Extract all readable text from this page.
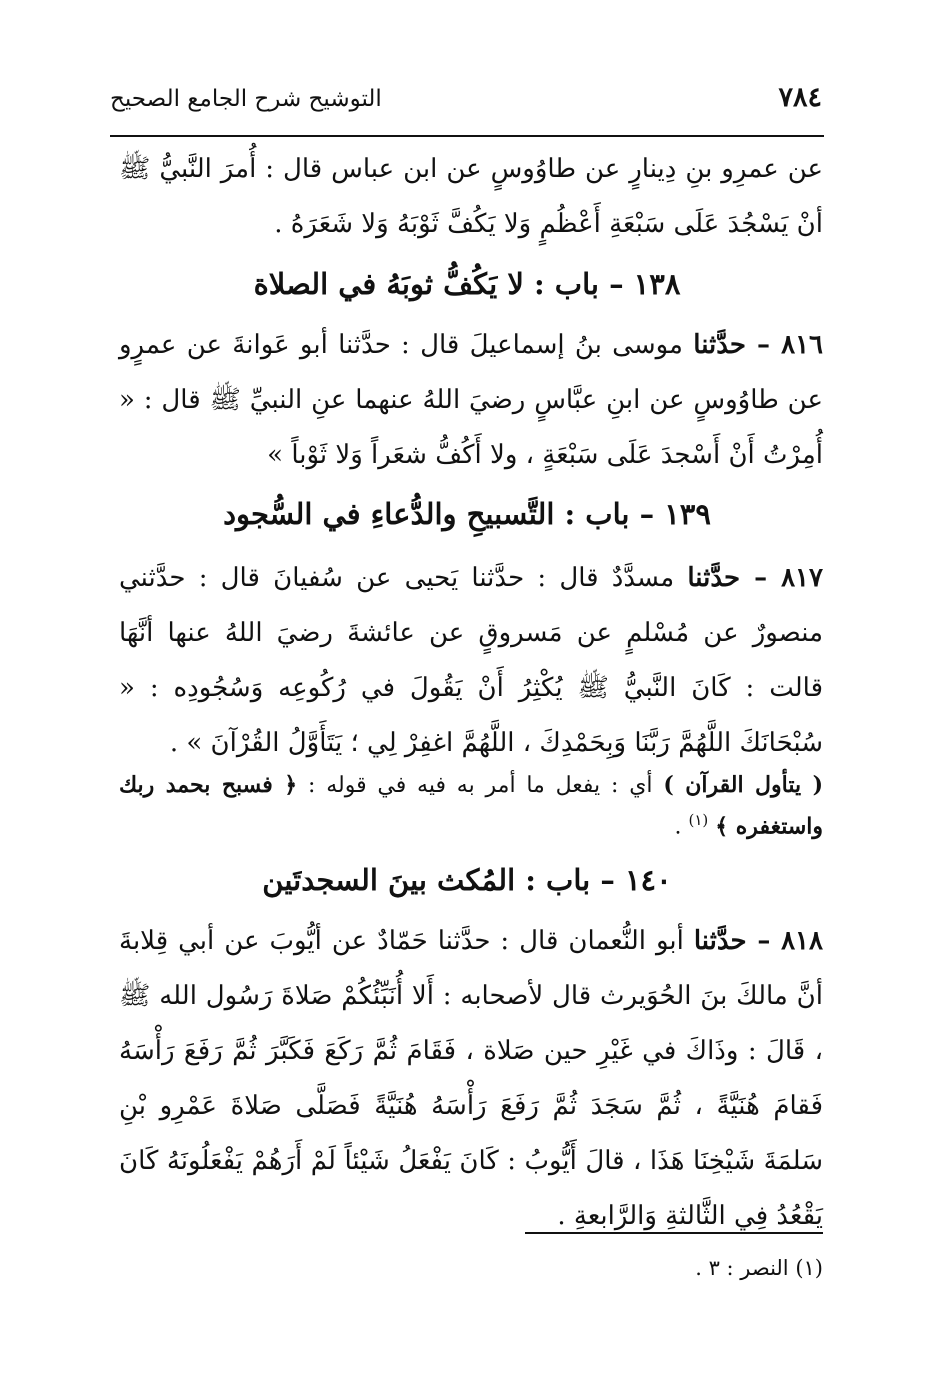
٧٨٤
التوشيح شرح الجامع الصحيح
عن عمرِو بنِ دِينارٍ عن طاوُوسٍ عن ابن عباس قال : أُمرَ النَّبيُّ ﷺ أنْ يَسْجُدَ عَلَى سَبْعَةِ أَعْظُمٍ وَلا يَكُفَّ ثَوْبَهُ وَلا شَعَرَهُ .
١٣٨ – باب : لا يَكُفُّ ثوبَهُ في الصلاة
٨١٦ – حدَّثنا موسى بنُ إسماعيلَ قال : حدَّثنا أبو عَوانةَ عن عمرٍو عن طاوُوسٍ عن ابنِ عبَّاسٍ رضيَ اللهُ عنهما عنِ النبيِّ ﷺ قال : « أُمِرْتُ أَنْ أَسْجدَ عَلَى سَبْعَةٍ ، ولا أَكُفُّ شعَراً وَلا ثَوْباً »
١٣٩ – باب : التَّسبيحِ والدُّعاءِ في السُّجود
٨١٧ – حدَّثنا مسدَّدٌ قال : حدَّثنا يَحيى عن سُفيانَ قال : حدَّثني منصورٌ عن مُسْلمٍ عن مَسروقٍ عن عائشةَ رضيَ اللهُ عنها أنَّهَا قالت : كَانَ النَّبيُّ ﷺ يُكْثِرُ أَنْ يَقُولَ في رُكُوعِه وَسُجُودِه : « سُبْحَانَكَ اللَّهُمَّ رَبَّنَا وَبِحَمْدِكَ ، اللَّهُمَّ اغفِرْ لِي ؛ يَتَأَوَّلُ القُرْآنَ » .
( يتأول القرآن ) أي : يفعل ما أمر به فيه في قوله : ﴿ فسبح بحمد ربك واستغفره ﴾ $^{(١)}$ .
١٤٠ – باب : المُكث بينَ السجدتَين
٨١٨ – حدَّثنا أبو النُّعمان قال : حدَّثنا حَمّادٌ عن أيُّوبَ عن أبي قِلابةَ أنَّ مالكَ بنَ الحُوَيرث قال لأصحابه : أَلا أُنَبِّئُكُمْ صَلاةَ رَسُول الله ﷺ ، قَالَ : وذَاكَ في غَيْرِ حين صَلاة ، فَقَامَ ثُمَّ رَكَعَ فَكَبَّرَ ثُمَّ رَفَعَ رَأْسَهُ فَقامَ هُنَيَّةً ، ثُمَّ سَجَدَ ثُمَّ رَفَعَ رَأْسَهُ هُنَيَّةً فَصَلَّى صَلاةَ عَمْرِو بْنِ سَلمَةَ شَيْخِنَا هَذَا ، قالَ أَيُّوبُ : كَانَ يَفْعَلُ شَيْئاً لَمْ أَرَهُمْ يَفْعَلُونَهُ كَانَ يَقْعُدُ فِي الثَّالثةِ وَالرَّابعةِ .
(١) النصر : ٣ .
